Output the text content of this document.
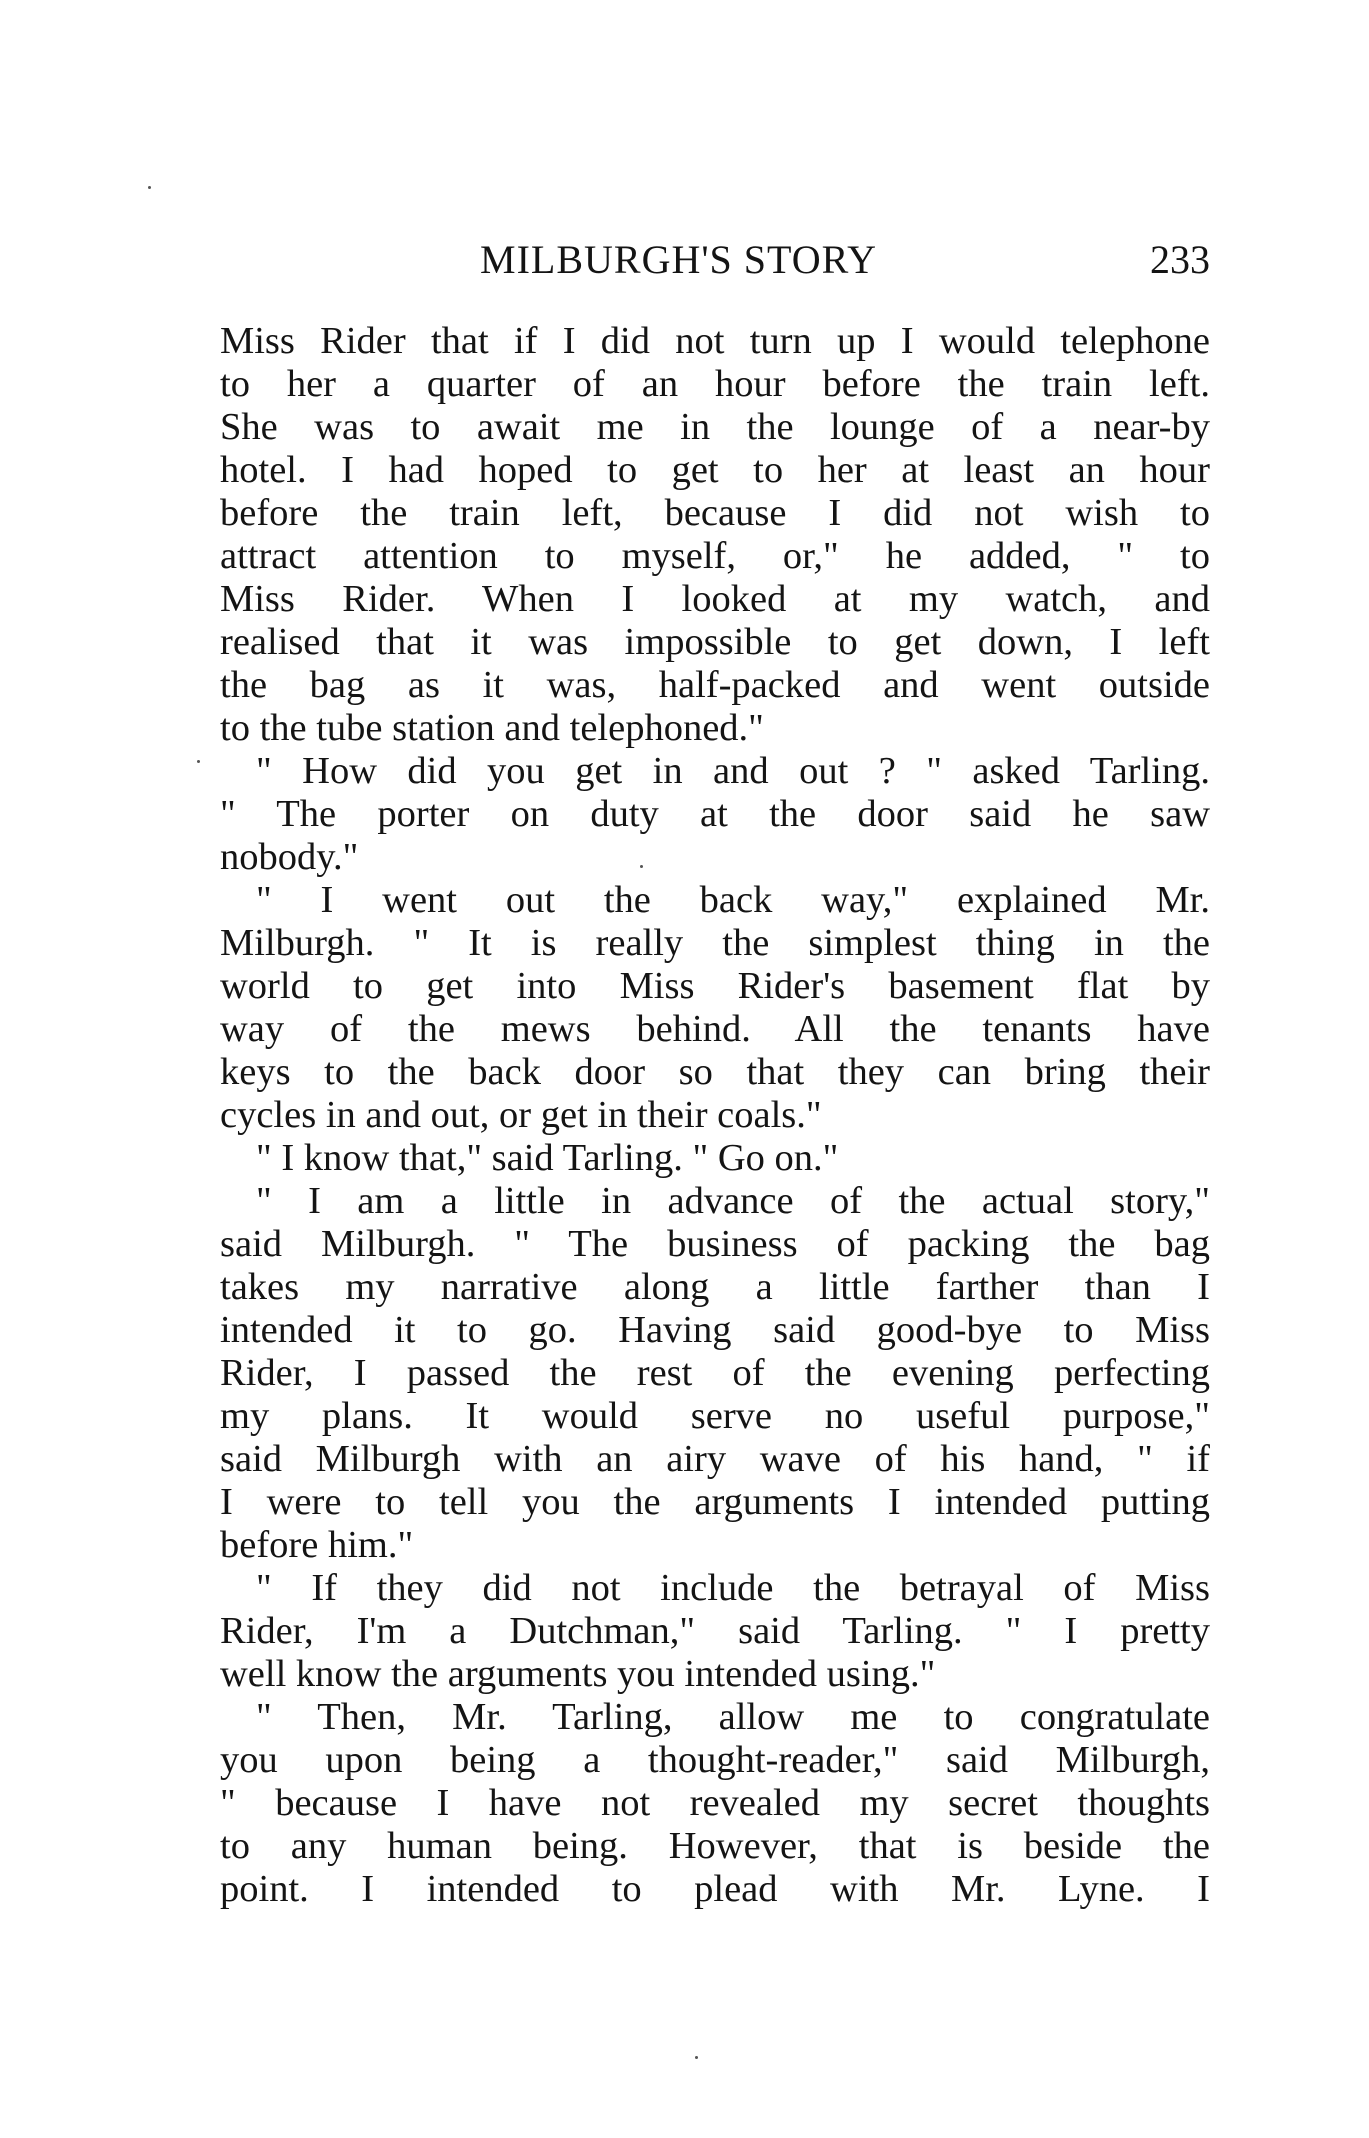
MILBURGH'S STORY	233
Miss Rider that if I did not turn up I would telephone
to her a quarter of an hour before the train left.
She was to await me in the lounge of a near-by
hotel. I had hoped to get to her at least an hour
before the train left, because I did not wish to
attract attention to myself, or," he added, " to
Miss Rider. When I looked at my watch, and
realised that it was impossible to get down, I left
the bag as it was, half-packed and went outside
to the tube station and telephoned."
" How did you get in and out ? " asked Tarling.
" The porter on duty at the door said he saw
nobody."
" I went out the back way," explained Mr.
Milburgh. " It is really the simplest thing in the
world to get into Miss Rider's basement flat by
way of the mews behind. All the tenants have
keys to the back door so that they can bring their
cycles in and out, or get in their coals."
" I know that," said Tarling. " Go on."
" I am a little in advance of the actual story,"
said Milburgh. " The business of packing the bag
takes my narrative along a little farther than I
intended it to go. Having said good-bye to Miss
Rider, I passed the rest of the evening perfecting
my plans. It would serve no useful purpose,"
said Milburgh with an airy wave of his hand, " if
I were to tell you the arguments I intended putting
before him."
" If they did not include the betrayal of Miss
Rider, I'm a Dutchman," said Tarling. " I pretty
well know the arguments you intended using."
" Then, Mr. Tarling, allow me to congratulate
you upon being a thought-reader," said Milburgh,
" because I have not revealed my secret thoughts
to any human being. However, that is beside the
point. I intended to plead with Mr. Lyne. I
